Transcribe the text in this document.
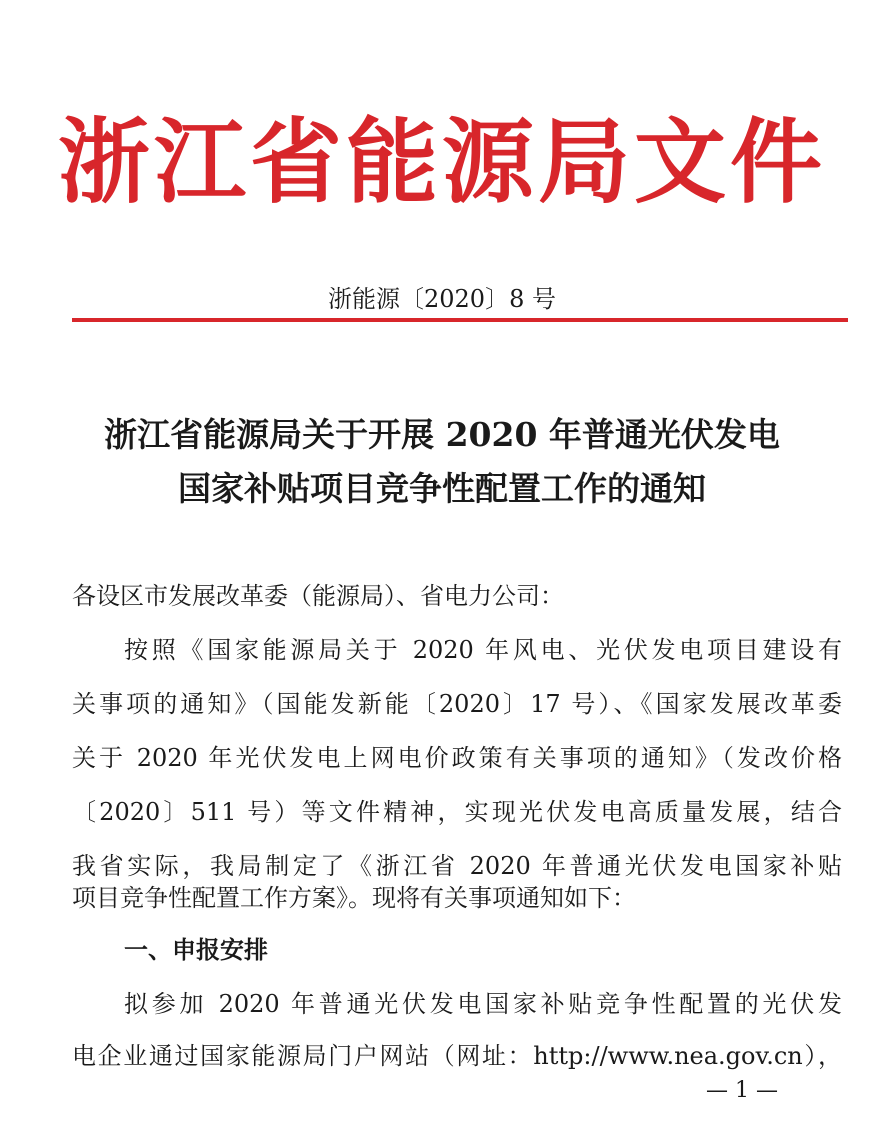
浙江省能源局文件
浙能源〔2020〕8 号
浙江省能源局关于开展 2020 年普通光伏发电
国家补贴项目竞争性配置工作的通知
各设区市发展改革委（能源局）、省电力公司：
按照《国家能源局关于 2020 年风电、光伏发电项目建设有
关事项的通知》（国能发新能〔2020〕17 号）、《国家发展改革委
关于 2020 年光伏发电上网电价政策有关事项的通知》（发改价格
〔2020〕511 号）等文件精神，实现光伏发电高质量发展，结合
我省实际，我局制定了《浙江省 2020 年普通光伏发电国家补贴
项目竞争性配置工作方案》。现将有关事项通知如下：
一、申报安排
拟参加 2020 年普通光伏发电国家补贴竞争性配置的光伏发
电企业通过国家能源局门户网站（网址：http://www.nea.gov.cn），
— 1 —
